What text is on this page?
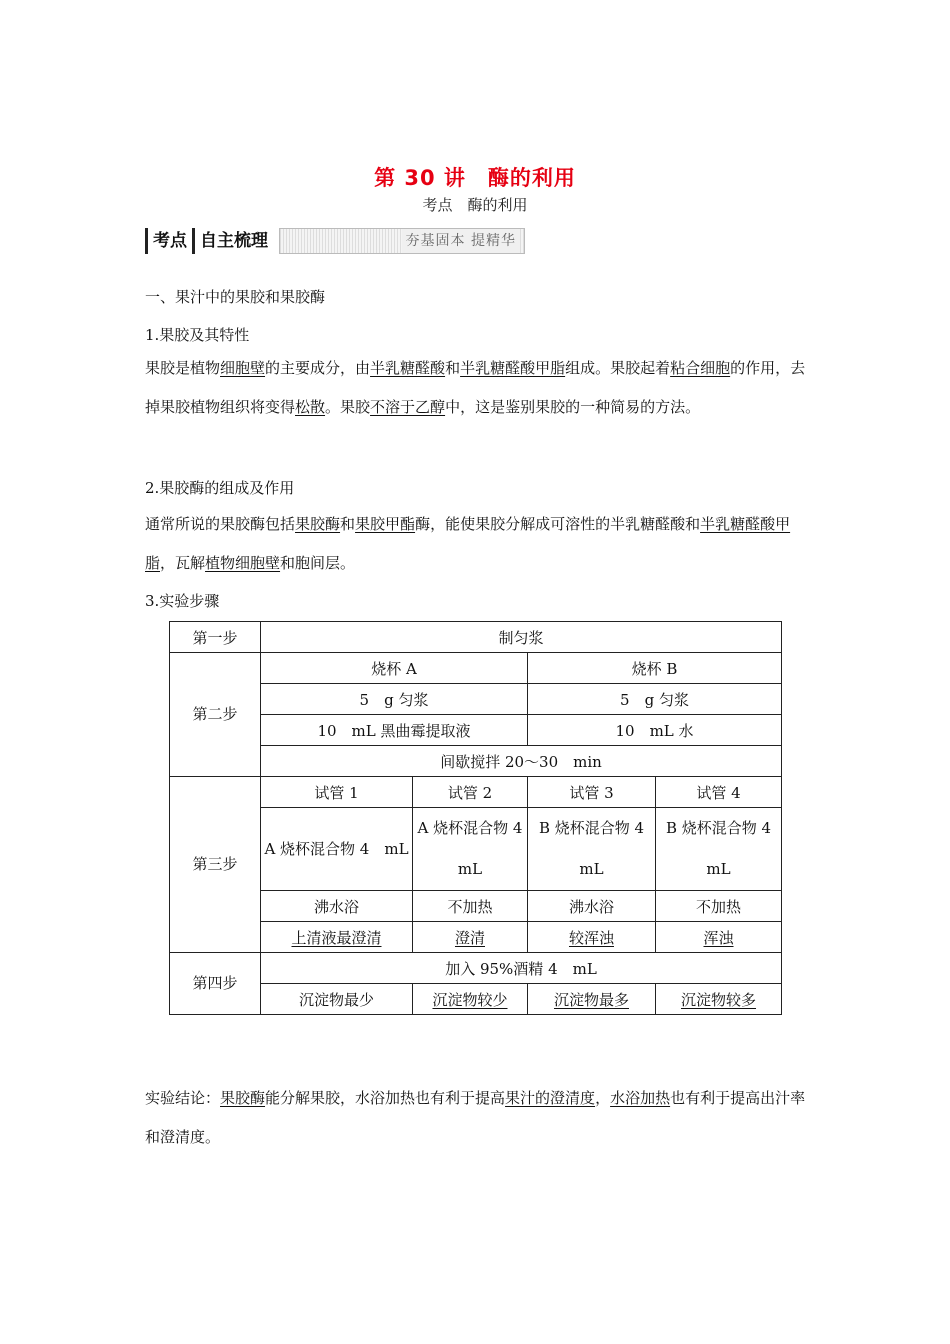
第 30 讲　酶的利用
考点　酶的利用
考点 自主梳理	夯基固本 提精华
一、果汁中的果胶和果胶酶
1.果胶及其特性
果胶是植物细胞壁的主要成分，由半乳糖醛酸和半乳糖醛酸甲脂组成。果胶起着粘合细胞的作用，去掉果胶植物组织将变得松散。果胶不溶于乙醇中，这是鉴别果胶的一种简易的方法。
2.果胶酶的组成及作用
通常所说的果胶酶包括果胶酶和果胶甲酯酶，能使果胶分解成可溶性的半乳糖醛酸和半乳糖醛酸甲脂，瓦解植物细胞壁和胞间层。
3.实验步骤
第一步	制匀浆			
第二步	烧杯 A		烧杯 B	
	5　g 匀浆		5　g 匀浆	
	10　mL 黑曲霉提取液		10　mL 水	
	间歇搅拌 20～30　min			
第三步	试管 1	试管 2	试管 3	试管 4
	A 烧杯混合物 4　mL	A 烧杯混合物 4　mL	B 烧杯混合物 4 mL	B 烧杯混合物 4 mL
	沸水浴	不加热	沸水浴	不加热
	上清液最澄清	澄清	较浑浊	浑浊
第四步	加入 95%酒精 4　mL			
	沉淀物最少	沉淀物较少	沉淀物最多	沉淀物较多
实验结论：果胶酶能分解果胶，水浴加热也有利于提高果汁的澄清度，水浴加热也有利于提高出汁率和澄清度。
